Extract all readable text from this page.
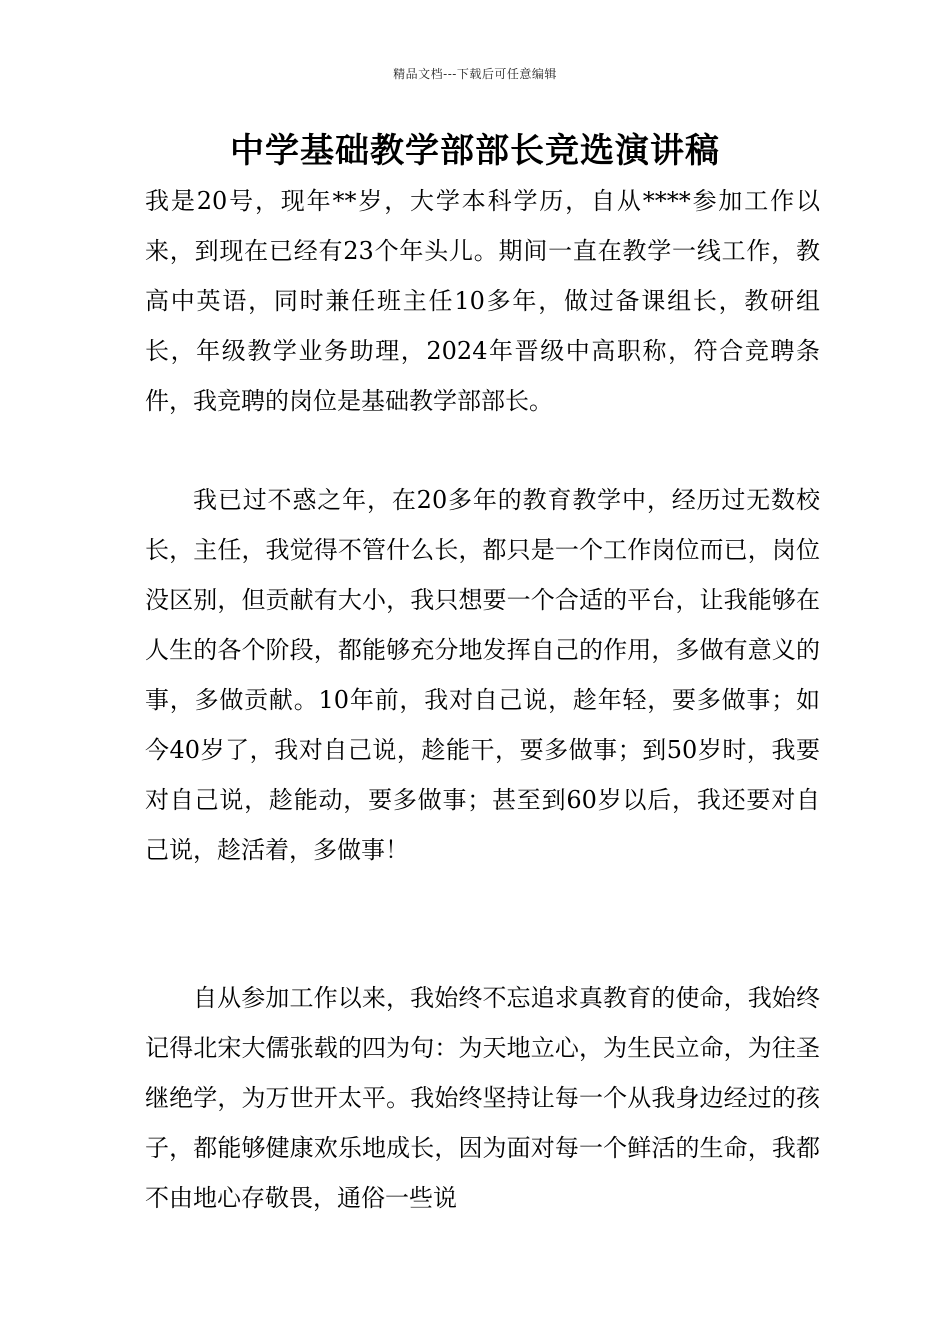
精品文档---下载后可任意编辑
中学基础教学部部长竞选演讲稿

我是20号，现年**岁，大学本科学历，自从****参加工作以来，到现在已经有23个年头儿。期间一直在教学一线工作，教高中英语，同时兼任班主任10多年，做过备课组长，教研组长，年级教学业务助理，2024年晋级中高职称，符合竞聘条件，我竞聘的岗位是基础教学部部长。

我已过不惑之年，在20多年的教育教学中，经历过无数校长，主任，我觉得不管什么长，都只是一个工作岗位而已，岗位没区别，但贡献有大小，我只想要一个合适的平台，让我能够在人生的各个阶段，都能够充分地发挥自己的作用，多做有意义的事，多做贡献。10年前，我对自己说，趁年轻，要多做事；如今40岁了，我对自己说，趁能干，要多做事；到50岁时，我要对自己说，趁能动，要多做事；甚至到60岁以后，我还要对自己说，趁活着，多做事！

自从参加工作以来，我始终不忘追求真教育的使命，我始终记得北宋大儒张载的四为句：为天地立心，为生民立命，为往圣继绝学，为万世开太平。我始终坚持让每一个从我身边经过的孩子，都能够健康欢乐地成长，因为面对每一个鲜活的生命，我都不由地心存敬畏，通俗一些说
